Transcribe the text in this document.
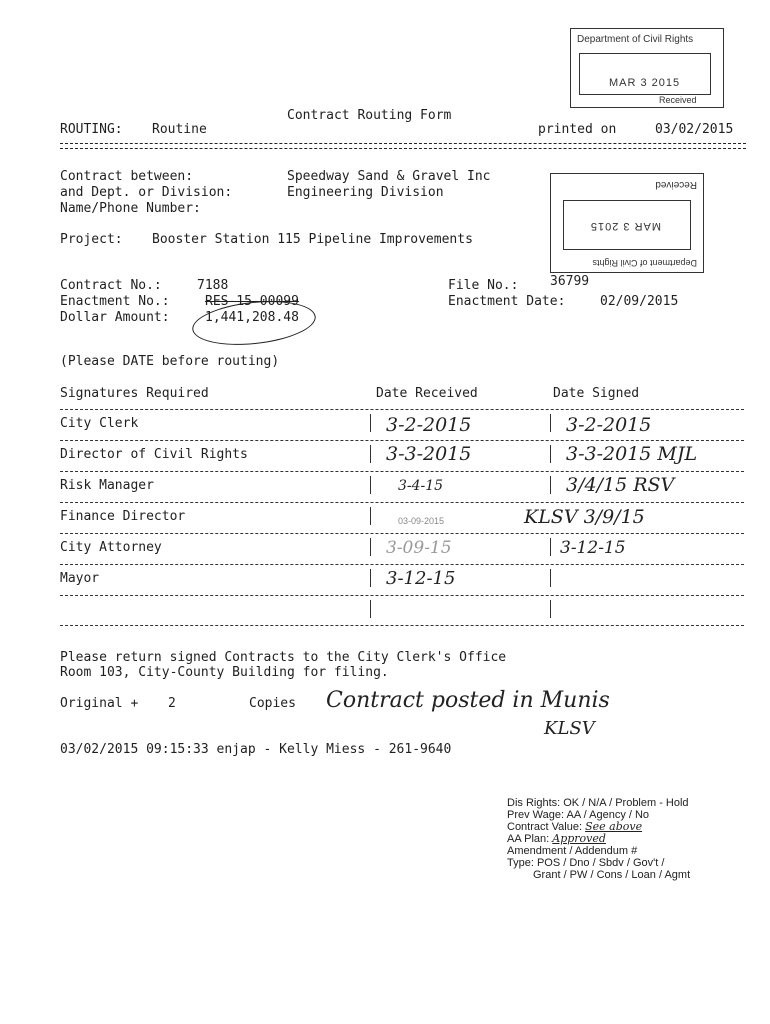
Department of Civil Rights
MAR 3 2015
Received
Contract Routing Form
ROUTING: Routine	printed on	03/02/2015
Contract between:	Speedway Sand & Gravel Inc
and Dept. or Division:	Engineering Division
Name/Phone Number:
Project: Booster Station 115 Pipeline Improvements
Received
MAR 3 2015
Department of Civil Rights
Contract No.:	7188	File No.: 36799
Enactment No.:	RES-15-00099	Enactment Date:	02/09/2015
Dollar Amount:	1,441,208.48
(Please DATE before routing)
Signatures Required	Date Received	Date Signed
City Clerk	3-2-2015	3-2-2015
Director of Civil Rights	3-3-2015	3-3-2015 MJL
Risk Manager	3-4-15	3/4/15 RSV
Finance Director	03-09-2015	KLSV 3/9/15
City Attorney	3-09-15	3-12-15
Mayor	3-12-15
Please return signed Contracts to the City Clerk's Office
Room 103, City-County Building for filing.
Original + 2	Copies Contract posted in Munis
KLSV
03/02/2015 09:15:33 enjap - Kelly Miess - 261-9640
Dis Rights: OK / N/A / Problem - Hold
Prev Wage: AA / Agency / No
Contract Value: See above
AA Plan: Approved
Amendment / Addendum #
Type: POS / Dno / Sbdv / Gov't /
Grant / PW / Cons / Loan / Agmt
